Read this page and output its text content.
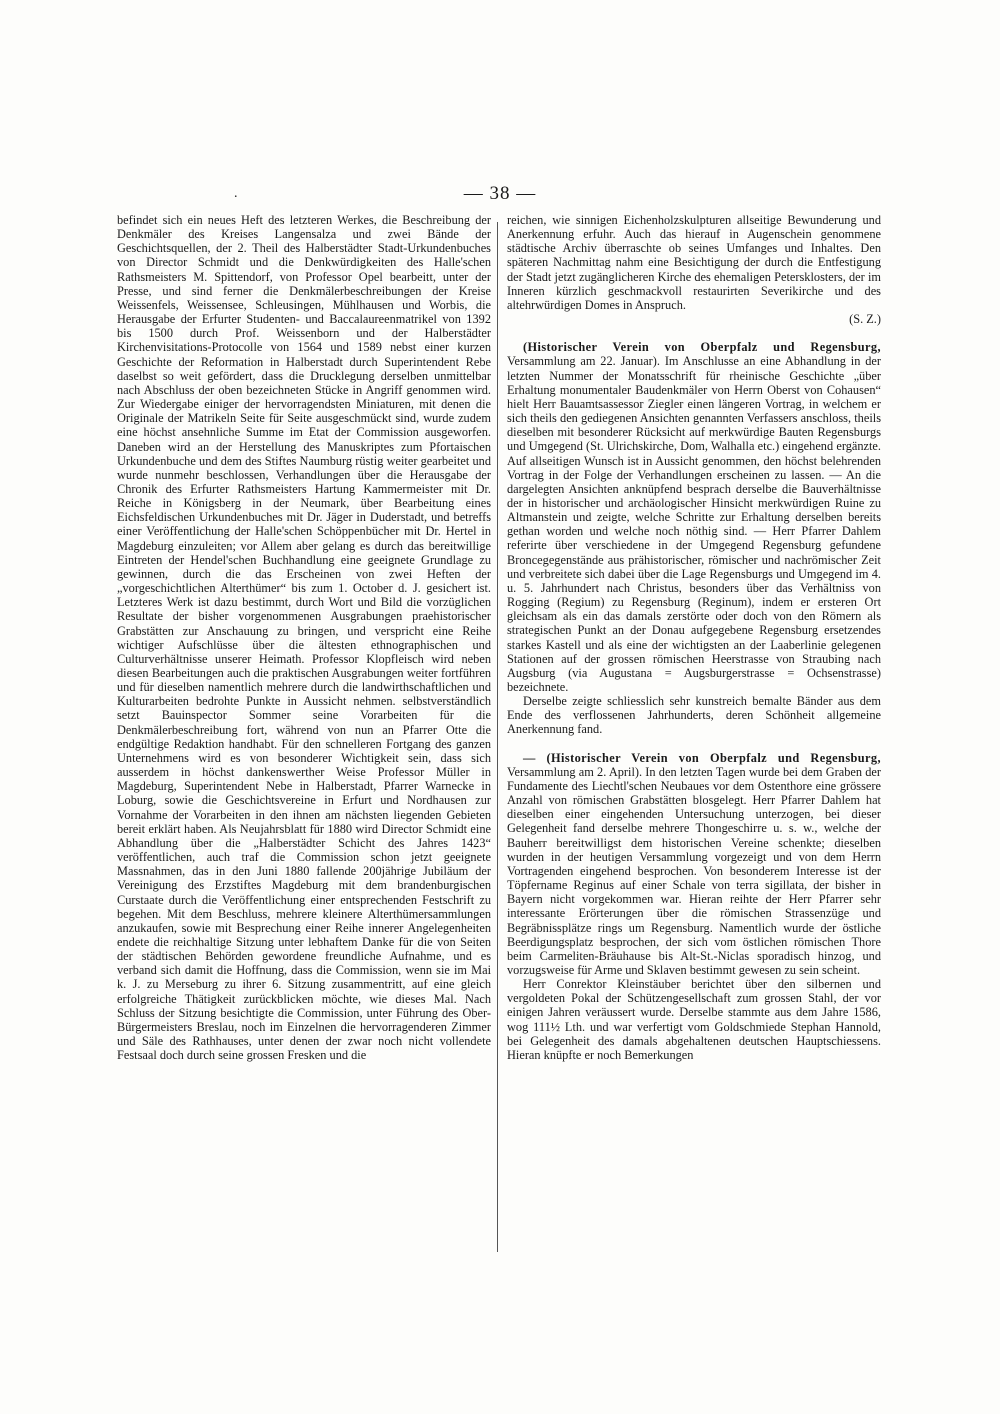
.	— 38 —

befindet sich ein neues Heft des letzteren Werkes, die Beschreibung der Denkmäler des Kreises Langensalza und zwei Bände der Geschichtsquellen, der 2. Theil des Halberstädter Stadt-Urkundenbuches von Director Schmidt und die Denkwürdigkeiten des Halle'schen Rathsmeisters M. Spittendorf, von Professor Opel bearbeitt, unter der Presse, und sind ferner die Denkmälerbeschreibungen der Kreise Weissenfels, Weissensee, Schleusingen, Mühlhausen und Worbis, die Herausgabe der Erfurter Studenten- und Baccalaureenmatrikel von 1392 bis 1500 durch Prof. Weissenborn und der Halberstädter Kirchenvisitations-Protocolle von 1564 und 1589 nebst einer kurzen Geschichte der Reformation in Halberstadt durch Superintendent Rebe daselbst so weit gefördert, dass die Drucklegung derselben unmittelbar nach Abschluss der oben bezeichneten Stücke in Angriff genommen wird. Zur Wiedergabe einiger der hervorragendsten Miniaturen, mit denen die Originale der Matrikeln Seite für Seite ausgeschmückt sind, wurde zudem eine höchst ansehnliche Summe im Etat der Commission ausgeworfen. Daneben wird an der Herstellung des Manuskriptes zum Pfortaischen Urkundenbuche und dem des Stiftes Naumburg rüstig weiter gearbeitet und wurde nunmehr beschlossen, Verhandlungen über die Herausgabe der Chronik des Erfurter Rathsmeisters Hartung Kammermeister mit Dr. Reiche in Königsberg in der Neumark, über Bearbeitung eines Eichsfeldischen Urkundenbuches mit Dr. Jäger in Duderstadt, und betreffs einer Veröffentlichung der Halle'schen Schöppenbücher mit Dr. Hertel in Magdeburg einzuleiten; vor Allem aber gelang es durch das bereitwillige Eintreten der Hendel'schen Buchhandlung eine geeignete Grundlage zu gewinnen, durch die das Erscheinen von zwei Heften der „vorgeschichtlichen Alterthümer“ bis zum 1. October d. J. gesichert ist. Letzteres Werk ist dazu bestimmt, durch Wort und Bild die vorzüglichen Resultate der bisher vorgenommenen Ausgrabungen praehistorischer Grabstätten zur Anschauung zu bringen, und verspricht eine Reihe wichtiger Aufschlüsse über die ältesten ethnographischen und Culturverhältnisse unserer Heimath. Professor Klopfleisch wird neben diesen Bearbeitungen auch die praktischen Ausgrabungen weiter fortführen und für dieselben namentlich mehrere durch die landwirthschaftlichen und Kulturarbeiten bedrohte Punkte in Aussicht nehmen. selbstverständlich setzt Bauinspector Sommer seine Vorarbeiten für die Denkmälerbeschreibung fort, während von nun an Pfarrer Otte die endgültige Redaktion handhabt. Für den schnelleren Fortgang des ganzen Unternehmens wird es von besonderer Wichtigkeit sein, dass sich ausserdem in höchst dankenswerther Weise Professor Müller in Magdeburg, Superintendent Nebe in Halberstadt, Pfarrer Warnecke in Loburg, sowie die Geschichtsvereine in Erfurt und Nordhausen zur Vornahme der Vorarbeiten in den ihnen am nächsten liegenden Gebieten bereit erklärt haben. Als Neujahrsblatt für 1880 wird Director Schmidt eine Abhandlung über die „Halberstädter Schicht des Jahres 1423“ veröffentlichen, auch traf die Commission schon jetzt geeignete Massnahmen, das in den Juni 1880 fallende 200jährige Jubiläum der Vereinigung des Erzstiftes Magdeburg mit dem brandenburgischen Curstaate durch die Veröffentlichung einer entsprechenden Festschrift zu begehen. Mit dem Beschluss, mehrere kleinere Alterthümersammlungen anzukaufen, sowie mit Besprechung einer Reihe innerer Angelegenheiten endete die reichhaltige Sitzung unter lebhaftem Danke für die von Seiten der städtischen Behörden gewordene freundliche Aufnahme, und es verband sich damit die Hoffnung, dass die Commission, wenn sie im Mai k. J. zu Merseburg zu ihrer 6. Sitzung zusammentritt, auf eine gleich erfolgreiche Thätigkeit zurückblicken möchte, wie dieses Mal. Nach Schluss der Sitzung besichtigte die Commission, unter Führung des Ober-Bürgermeisters Breslau, noch im Einzelnen die hervorragenderen Zimmer und Säle des Rathhauses, unter denen der zwar noch nicht vollendete Festsaal doch durch seine grossen Fresken und die

reichen, wie sinnigen Eichenholzskulpturen allseitige Bewunderung und Anerkennung erfuhr. Auch das hierauf in Augenschein genommene städtische Archiv überraschte ob seines Umfanges und Inhaltes. Den späteren Nachmittag nahm eine Besichtigung der durch die Entfestigung der Stadt jetzt zugänglicheren Kirche des ehemaligen Petersklosters, der im Inneren kürzlich geschmackvoll restaurirten Severikirche und des altehrwürdigen Domes in Anspruch.

(S. Z.)

(Historischer Verein von Oberpfalz und Regensburg, Versammlung am 22. Januar). Im Anschlusse an eine Abhandlung in der letzten Nummer der Monatsschrift für rheinische Geschichte „über Erhaltung monumentaler Baudenkmäler von Herrn Oberst von Cohausen“ hielt Herr Bauamtsassessor Ziegler einen längeren Vortrag, in welchem er sich theils den gediegenen Ansichten genannten Verfassers anschloss, theils dieselben mit besonderer Rücksicht auf merkwürdige Bauten Regensburgs und Umgegend (St. Ulrichskirche, Dom, Walhalla etc.) eingehend ergänzte. Auf allseitigen Wunsch ist in Aussicht genommen, den höchst belehrenden Vortrag in der Folge der Verhandlungen erscheinen zu lassen. — An die dargelegten Ansichten anknüpfend besprach derselbe die Bauverhältnisse der in historischer und archäologischer Hinsicht merkwürdigen Ruine zu Altmanstein und zeigte, welche Schritte zur Erhaltung derselben bereits gethan worden und welche noch nöthig sind. — Herr Pfarrer Dahlem referirte über verschiedene in der Umgegend Regensburg gefundene Broncegegenstände aus prähistorischer, römischer und nachrömischer Zeit und verbreitete sich dabei über die Lage Regensburgs und Umgegend im 4. u. 5. Jahrhundert nach Christus, besonders über das Verhältniss von Rogging (Regium) zu Regensburg (Reginum), indem er ersteren Ort gleichsam als ein das damals zerstörte oder doch von den Römern als strategischen Punkt an der Donau aufgegebene Regensburg ersetzendes starkes Kastell und als eine der wichtigsten an der Laaberlinie gelegenen Stationen auf der grossen römischen Heerstrasse von Straubing nach Augsburg (via Augustana = Augsburgerstrasse = Ochsenstrasse) bezeichnete.

Derselbe zeigte schliesslich sehr kunstreich bemalte Bänder aus dem Ende des verflossenen Jahrhunderts, deren Schönheit allgemeine Anerkennung fand.

— (Historischer Verein von Oberpfalz und Regensburg, Versammlung am 2. April). In den letzten Tagen wurde bei dem Graben der Fundamente des Liechtl'schen Neubaues vor dem Ostenthore eine grössere Anzahl von römischen Grabstätten blosgelegt. Herr Pfarrer Dahlem hat dieselben einer eingehenden Untersuchung unterzogen, bei dieser Gelegenheit fand derselbe mehrere Thongeschirre u. s. w., welche der Bauherr bereitwilligst dem historischen Vereine schenkte; dieselben wurden in der heutigen Versammlung vorgezeigt und von dem Herrn Vortragenden eingehend besprochen. Von besonderem Interesse ist der Töpfername Reginus auf einer Schale von terra sigillata, der bisher in Bayern nicht vorgekommen war. Hieran reihte der Herr Pfarrer sehr interessante Erörterungen über die römischen Strassenzüge und Begräbnissplätze rings um Regensburg. Namentlich wurde der östliche Beerdigungsplatz besprochen, der sich vom östlichen römischen Thore beim Carmeliten-Bräuhause bis Alt-St.-Niclas sporadisch hinzog, und vorzugsweise für Arme und Sklaven bestimmt gewesen zu sein scheint.

Herr Conrektor Kleinstäuber berichtet über den silbernen und vergoldeten Pokal der Schützengesellschaft zum grossen Stahl, der vor einigen Jahren veräussert wurde. Derselbe stammte aus dem Jahre 1586, wog 111½ Lth. und war verfertigt vom Goldschmiede Stephan Hannold, bei Gelegenheit des damals abgehaltenen deutschen Hauptschiessens. Hieran knüpfte er noch Bemerkungen
